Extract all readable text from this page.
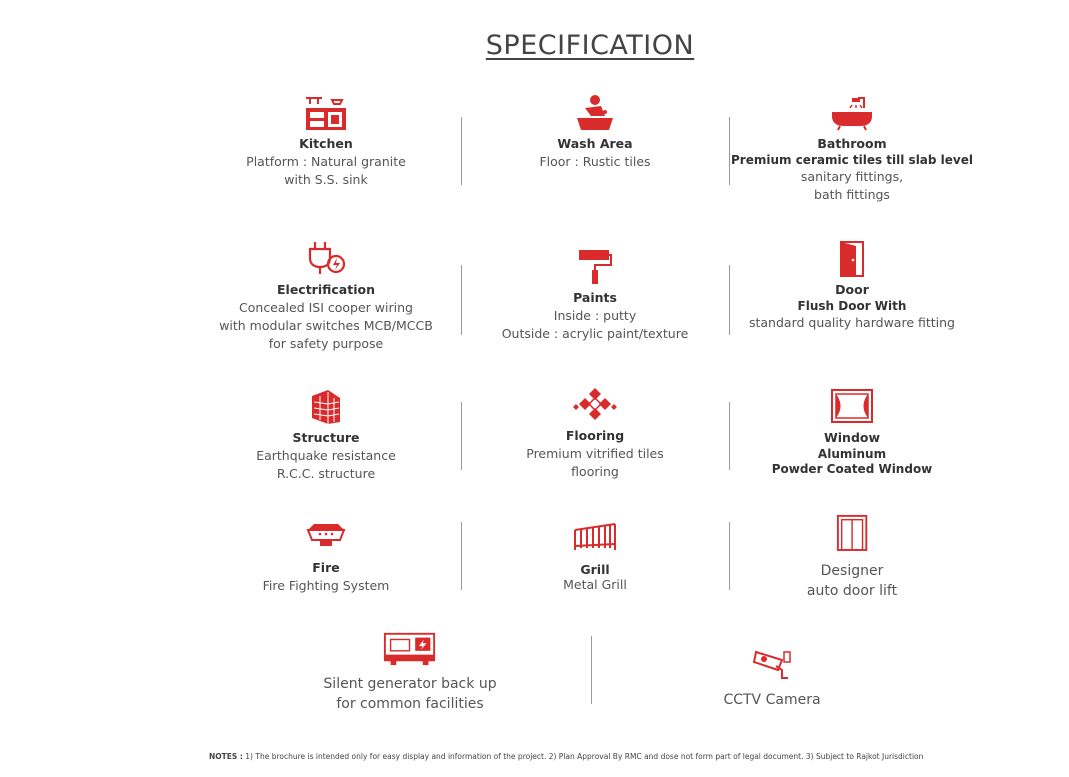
SPECIFICATION
Kitchen
Platform : Natural granite
with S.S. sink
Wash Area
Floor : Rustic tiles
Bathroom
Premium ceramic tiles till slab level
sanitary fittings,
bath fittings
Electrification
Concealed ISI cooper wiring
with modular switches MCB/MCCB
for safety purpose
Paints
Inside : putty
Outside : acrylic paint/texture
Door
Flush Door With
standard quality hardware fitting
Structure
Earthquake resistance
R.C.C. structure
Flooring
Premium vitrified tiles
flooring
Window
Aluminum
Powder Coated Window
Fire
Fire Fighting System
Grill
Metal Grill
Designer
auto door lift
Silent generator back up
for common facilities	CCTV Camera
NOTES : 1) The brochure is intended only for easy display and information of the project. 2) Plan Approval By RMC and dose not form part of legal document. 3) Subject to Rajkot Jurisdiction
